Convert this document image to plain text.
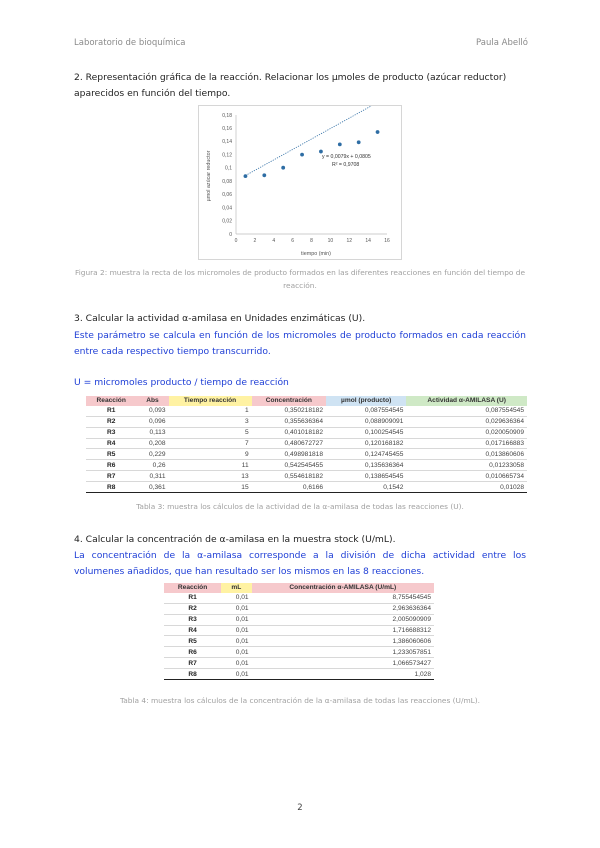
Laboratorio de bioquímica	Paula Abelló
2. Representación gráfica de la reacción. Relacionar los µmoles de producto (azúcar reductor)
aparecidos en función del tiempo.
0
0,02
0,04
0,06
0,08
0,1
0,12
0,14
0,16
0,18
0	2	4	6	8	10	12	14	16
y = 0,0079x + 0,0805
R² = 0,9708
tiempo (min)
µmol azúcar reductor
Figura 2: muestra la recta de los micromoles de producto formados en las diferentes reacciones en función del tiempo de reacción.
3. Calcular la actividad α-amilasa en Unidades enzimáticas (U).
Este parámetro se calcula en función de los micromoles de producto formados en cada reacción entre cada respectivo tiempo transcurrido.
U = micromoles producto / tiempo de reacción
Reacción	Abs	Tiempo reacción	Concentración	µmol (producto)	Actividad α-AMILASA (U)
R1	0,093	1	0,350218182	0,087554545	0,087554545
R2	0,096	3	0,355636364	0,088909091	0,029636364
R3	0,113	5	0,401018182	0,100254545	0,020050909
R4	0,208	7	0,480672727	0,120168182	0,017166883
R5	0,229	9	0,498981818	0,124745455	0,013860606
R6	0,26	11	0,542545455	0,135636364	0,01233058
R7	0,311	13	0,554618182	0,138654545	0,010665734
R8	0,361	15	0,6166	0,1542	0,01028
Tabla 3: muestra los cálculos de la actividad de la α-amilasa de todas las reacciones (U).
4. Calcular la concentración de α-amilasa en la muestra stock (U/mL).
La concentración de la α-amilasa corresponde a la división de dicha actividad entre los volumenes añadidos, que han resultado ser los mismos en las 8 reacciones.
Reacción	mL	Concentración α-AMILASA (U/mL)
R1	0,01	8,755454545
R2	0,01	2,963636364
R3	0,01	2,005090909
R4	0,01	1,716688312
R5	0,01	1,386060606
R6	0,01	1,233057851
R7	0,01	1,066573427
R8	0,01	1,028
Tabla 4: muestra los cálculos de la concentración de la α-amilasa de todas las reacciones (U/mL).
2
